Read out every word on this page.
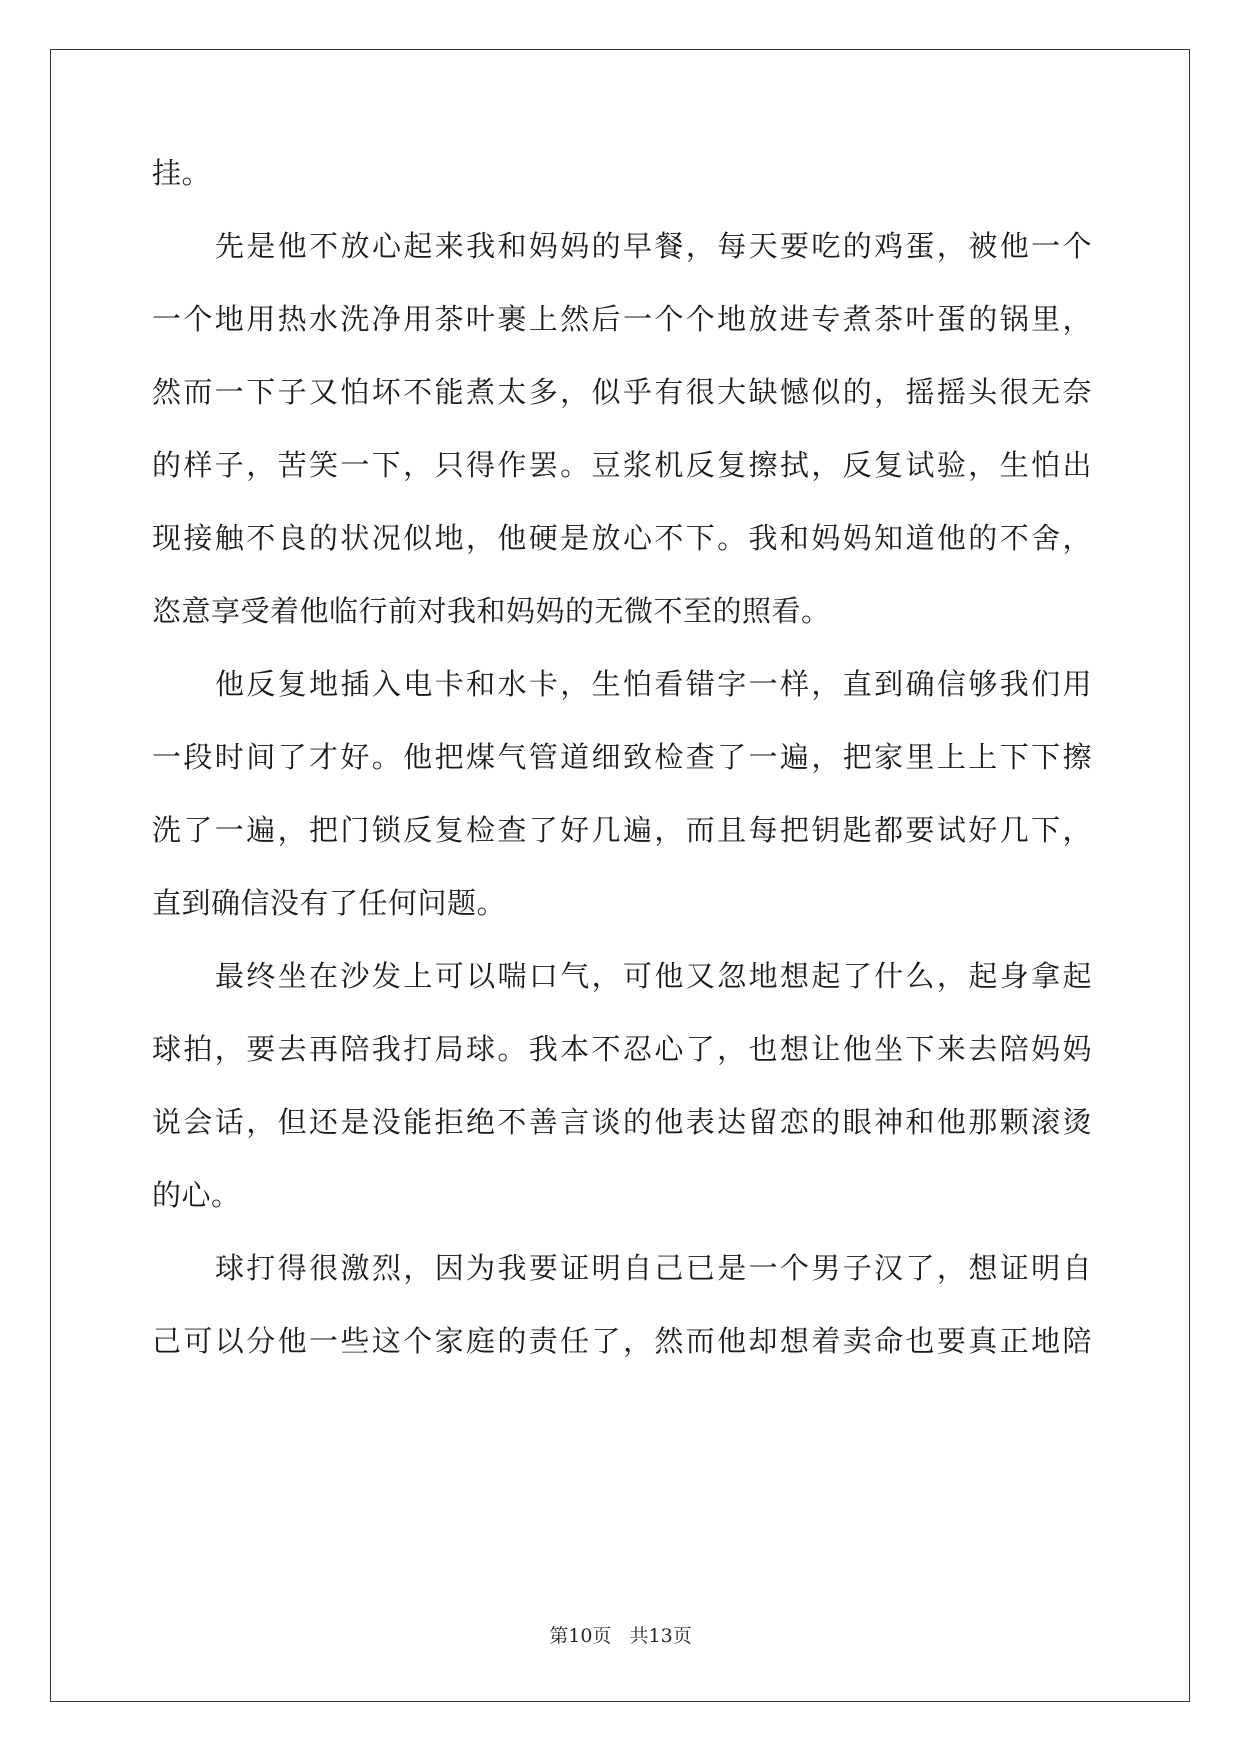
挂。
先是他不放心起来我和妈妈的早餐，每天要吃的鸡蛋，被他一个
一个地用热水洗净用茶叶裹上然后一个个地放进专煮茶叶蛋的锅里，
然而一下子又怕坏不能煮太多，似乎有很大缺憾似的，摇摇头很无奈
的样子，苦笑一下，只得作罢。豆浆机反复擦拭，反复试验，生怕出
现接触不良的状况似地，他硬是放心不下。我和妈妈知道他的不舍，
恣意享受着他临行前对我和妈妈的无微不至的照看。
他反复地插入电卡和水卡，生怕看错字一样，直到确信够我们用
一段时间了才好。他把煤气管道细致检查了一遍，把家里上上下下擦
洗了一遍，把门锁反复检查了好几遍，而且每把钥匙都要试好几下，
直到确信没有了任何问题。
最终坐在沙发上可以喘口气，可他又忽地想起了什么，起身拿起
球拍，要去再陪我打局球。我本不忍心了，也想让他坐下来去陪妈妈
说会话，但还是没能拒绝不善言谈的他表达留恋的眼神和他那颗滚烫
的心。
球打得很激烈，因为我要证明自己已是一个男子汉了，想证明自
己可以分他一些这个家庭的责任了，然而他却想着卖命也要真正地陪
第10页   共13页
